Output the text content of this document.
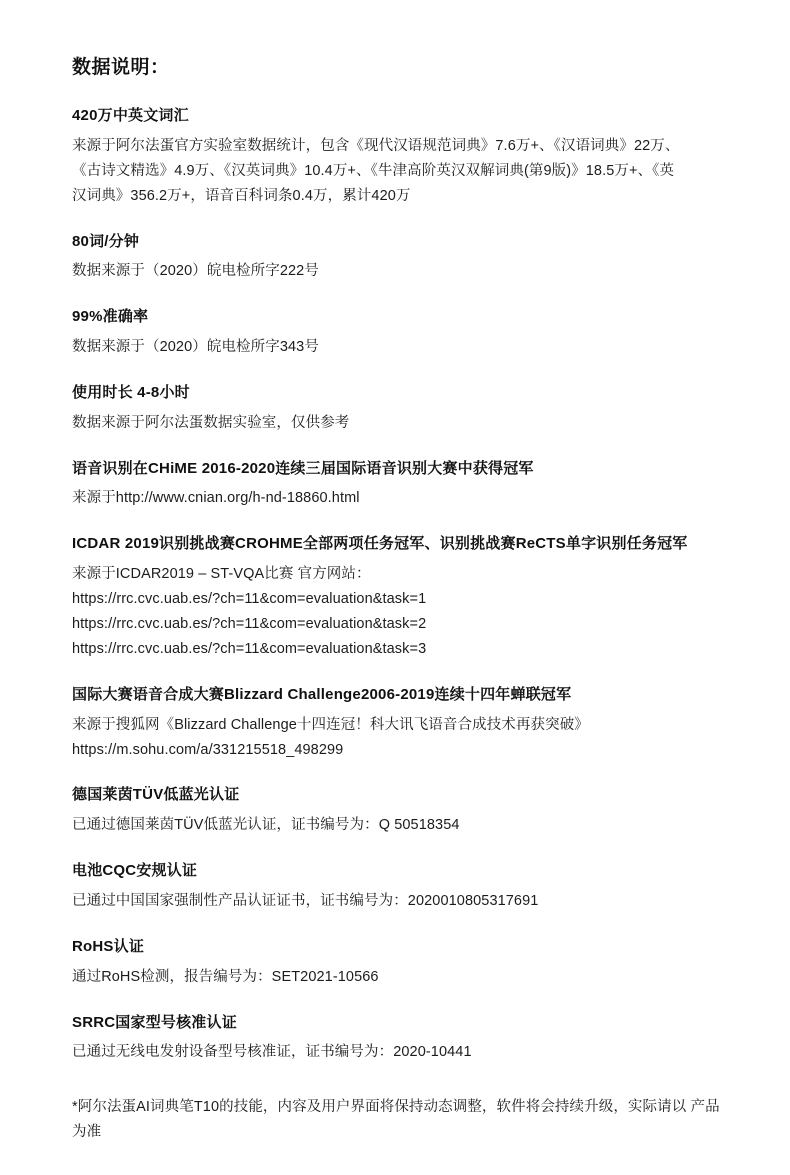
数据说明：
420万中英文词汇

来源于阿尔法蛋官方实验室数据统计，包含《现代汉语规范词典》7.6万+、《汉语词典》22万、
《古诗文精选》4.9万、《汉英词典》10.4万+、《牛津高阶英汉双解词典(第9版)》18.5万+、《英
汉词典》356.2万+，语音百科词条0.4万，累计420万

80词/分钟

数据来源于（2020）皖电检所字222号

99%准确率

数据来源于（2020）皖电检所字343号

使用时长 4-8小时

数据来源于阿尔法蛋数据实验室，仅供参考

语音识别在CHiME 2016-2020连续三届国际语音识别大赛中获得冠军

来源于http://www.cnian.org/h-nd-18860.html

ICDAR 2019识别挑战赛CROHME全部两项任务冠军、识别挑战赛ReCTS单字识别任务冠军

来源于ICDAR2019 – ST-VQA比赛 官方网站：
https://rrc.cvc.uab.es/?ch=11&com=evaluation&task=1
https://rrc.cvc.uab.es/?ch=11&com=evaluation&task=2
https://rrc.cvc.uab.es/?ch=11&com=evaluation&task=3

国际大赛语音合成大赛Blizzard Challenge2006-2019连续十四年蝉联冠军

来源于搜狐网《Blizzard Challenge十四连冠！科大讯飞语音合成技术再获突破》
https://m.sohu.com/a/331215518_498299

德国莱茵TÜV低蓝光认证

已通过德国莱茵TÜV低蓝光认证，证书编号为：Q 50518354

电池CQC安规认证

已通过中国国家强制性产品认证证书，证书编号为：2020010805317691

RoHS认证

通过RoHS检测，报告编号为：SET2021-10566

SRRC国家型号核准认证

已通过无线电发射设备型号核准证，证书编号为：2020-10441

*阿尔法蛋AI词典笔T10的技能，内容及用户界面将保持动态调整，软件将会持续升级，实际请以 产品为准
